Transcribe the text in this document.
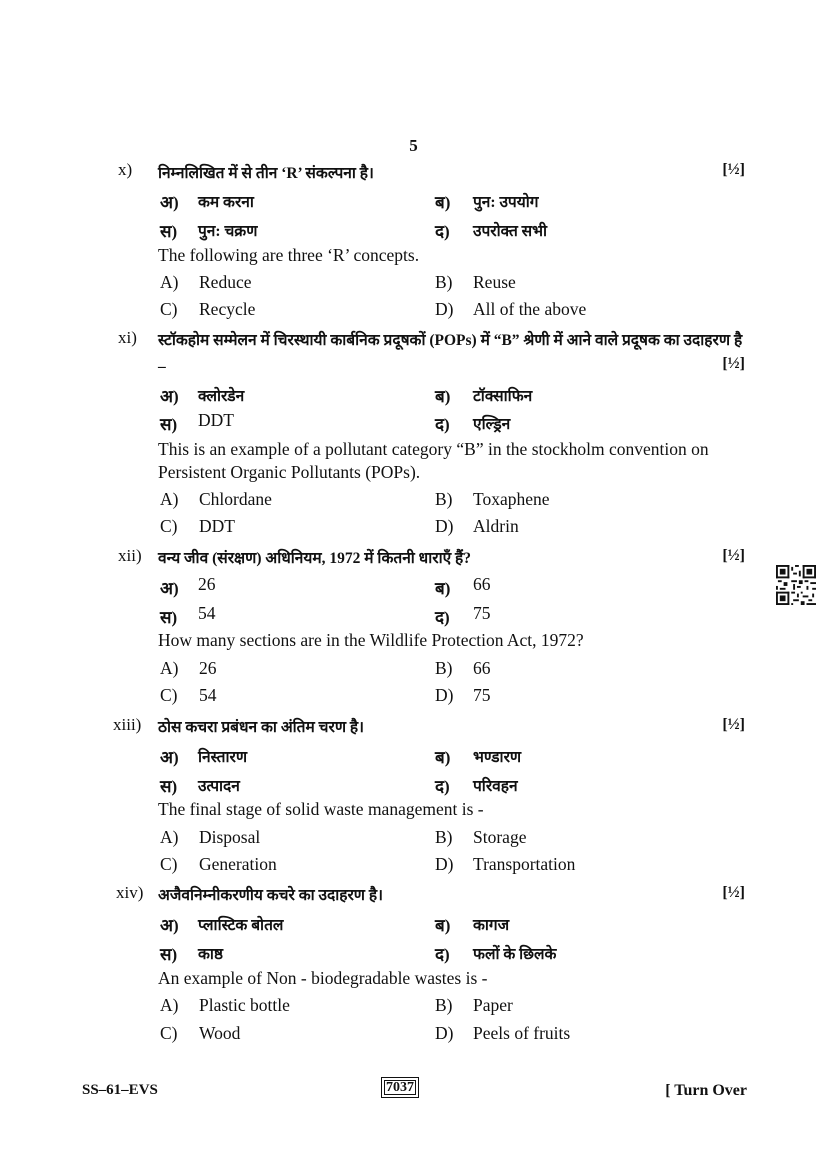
5
x) निम्नलिखित में से तीन ‘R’ संकल्पना है।	[½]
अ) कम करना	ब) पुन: उपयोग
स) पुन: चक्रण	द) उपरोक्त सभी
The following are three ‘R’ concepts.
A) Reduce	B) Reuse
C) Recycle	D) All of the above
xi) स्टॉकहोम सम्मेलन में चिरस्थायी कार्बनिक प्रदूषकों (POPs) में “B” श्रेणी में आने वाले प्रदूषक का उदाहरण है –	[½]
अ) क्लोरडेन	ब) टॉक्साफिन
स) DDT	द) एल्ड्रिन
This is an example of a pollutant category “B” in the stockholm convention on Persistent Organic Pollutants (POPs).
A) Chlordane	B) Toxaphene
C) DDT	D) Aldrin
xii) वन्य जीव (संरक्षण) अधिनियम, 1972 में कितनी धाराएँ हैं?	[½]
अ) 26	ब) 66
स) 54	द) 75
How many sections are in the Wildlife Protection Act, 1972?
A) 26	B) 66
C) 54	D) 75
xiii) ठोस कचरा प्रबंधन का अंतिम चरण है।	[½]
अ) निस्तारण	ब) भण्डारण
स) उत्पादन	द) परिवहन
The final stage of solid waste management is -
A) Disposal	B) Storage
C) Generation	D) Transportation
xiv) अजैवनिम्नीकरणीय कचरे का उदाहरण है।	[½]
अ) प्लास्टिक बोतल	ब) कागज
स) काष्ठ	द) फलों के छिलके
An example of Non - biodegradable wastes is -
A) Plastic bottle	B) Paper
C) Wood	D) Peels of fruits
SS–61–EVS	7037	[ Turn Over
